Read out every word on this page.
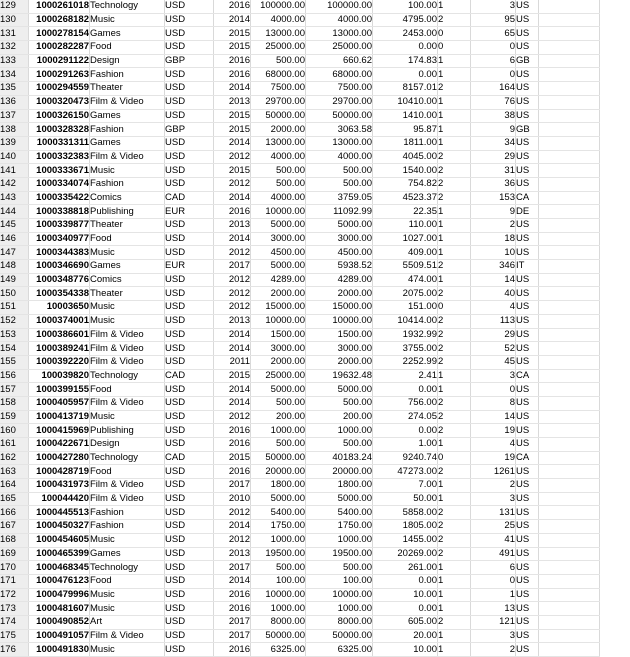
129	1000261018	Technology	USD	2016	100000.00	100000.00	100.00	1	3	US	
130	1000268182	Music	USD	2014	4000.00	4000.00	4795.00	2	95	US	
131	1000278154	Games	USD	2015	13000.00	13000.00	2453.00	0	65	US	
132	1000282287	Food	USD	2015	25000.00	25000.00	0.00	0	0	US	
133	1000291122	Design	GBP	2016	500.00	660.62	174.83	1	6	GB	
134	1000291263	Fashion	USD	2016	68000.00	68000.00	0.00	1	0	US	
135	1000294559	Theater	USD	2014	7500.00	7500.00	8157.01	2	164	US	
136	1000320473	Film & Video	USD	2013	29700.00	29700.00	10410.00	1	76	US	
137	1000326150	Games	USD	2015	50000.00	50000.00	1410.00	1	38	US	
138	1000328328	Fashion	GBP	2015	2000.00	3063.58	95.87	1	9	GB	
139	1000331311	Games	USD	2014	13000.00	13000.00	1811.00	1	34	US	
140	1000332383	Film & Video	USD	2012	4000.00	4000.00	4045.00	2	29	US	
141	1000333671	Music	USD	2015	500.00	500.00	1540.00	2	31	US	
142	1000334074	Fashion	USD	2012	500.00	500.00	754.82	2	36	US	
143	1000335422	Comics	CAD	2014	4000.00	3759.05	4523.37	2	153	CA	
144	1000338818	Publishing	EUR	2016	10000.00	11092.99	22.35	1	9	DE	
145	1000339877	Theater	USD	2013	5000.00	5000.00	110.00	1	2	US	
146	1000340977	Food	USD	2014	3000.00	3000.00	1027.00	1	18	US	
147	1000344383	Music	USD	2012	4500.00	4500.00	409.00	1	10	US	
148	1000346690	Games	EUR	2017	5000.00	5938.52	5509.51	2	346	IT	
149	1000348776	Comics	USD	2012	4289.00	4289.00	474.00	1	14	US	
150	1000354338	Theater	USD	2012	2000.00	2000.00	2075.00	2	40	US	
151	10003650	Music	USD	2012	15000.00	15000.00	151.00	0	4	US	
152	1000374001	Music	USD	2013	10000.00	10000.00	10414.00	2	113	US	
153	1000386601	Film & Video	USD	2014	1500.00	1500.00	1932.99	2	29	US	
154	1000389241	Film & Video	USD	2014	3000.00	3000.00	3755.00	2	52	US	
155	1000392220	Film & Video	USD	2011	2000.00	2000.00	2252.99	2	45	US	
156	100039820	Technology	CAD	2015	25000.00	19632.48	2.41	1	3	CA	
157	1000399155	Food	USD	2014	5000.00	5000.00	0.00	1	0	US	
158	1000405957	Film & Video	USD	2014	500.00	500.00	756.00	2	8	US	
159	1000413719	Music	USD	2012	200.00	200.00	274.05	2	14	US	
160	1000415969	Publishing	USD	2016	1000.00	1000.00	0.00	2	19	US	
161	1000422671	Design	USD	2016	500.00	500.00	1.00	1	4	US	
162	1000427280	Technology	CAD	2015	50000.00	40183.24	9240.74	0	19	CA	
163	1000428719	Food	USD	2016	20000.00	20000.00	47273.00	2	1261	US	
164	1000431973	Film & Video	USD	2017	1800.00	1800.00	7.00	1	2	US	
165	100044420	Film & Video	USD	2010	5000.00	5000.00	50.00	1	3	US	
166	1000445513	Fashion	USD	2012	5400.00	5400.00	5858.00	2	131	US	
167	1000450327	Fashion	USD	2014	1750.00	1750.00	1805.00	2	25	US	
168	1000454605	Music	USD	2012	1000.00	1000.00	1455.00	2	41	US	
169	1000465399	Games	USD	2013	19500.00	19500.00	20269.00	2	491	US	
170	1000468345	Technology	USD	2017	500.00	500.00	261.00	1	6	US	
171	1000476123	Food	USD	2014	100.00	100.00	0.00	1	0	US	
172	1000479996	Music	USD	2016	10000.00	10000.00	10.00	1	1	US	
173	1000481607	Music	USD	2016	1000.00	1000.00	0.00	1	13	US	
174	1000490852	Art	USD	2017	8000.00	8000.00	605.00	2	121	US	
175	1000491057	Film & Video	USD	2017	50000.00	50000.00	20.00	1	3	US	
176	1000491830	Music	USD	2016	6325.00	6325.00	10.00	1	2	US	
